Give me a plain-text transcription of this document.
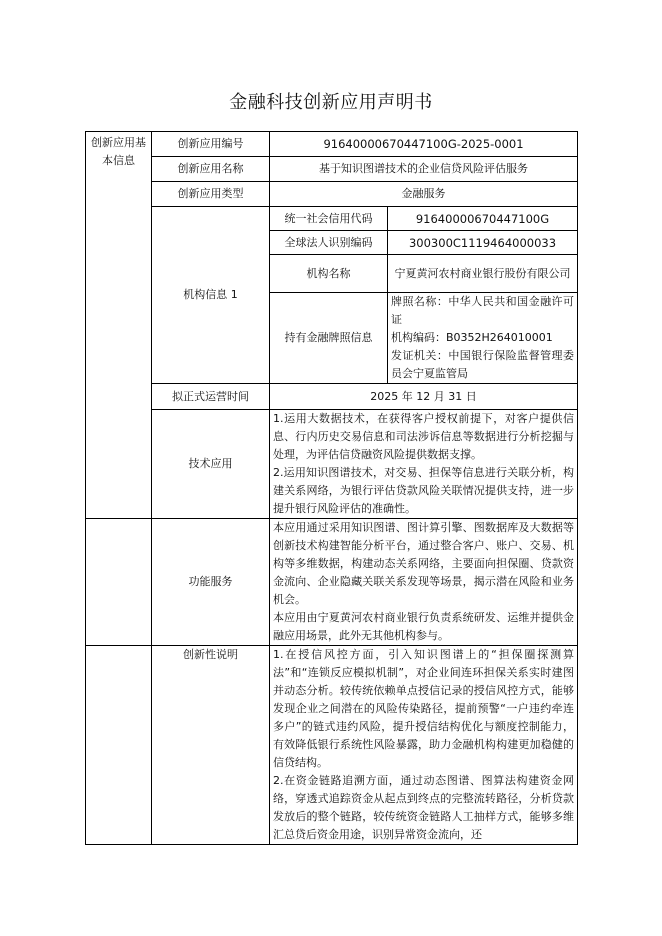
金融科技创新应用声明书
创新应用基本信息	创新应用编号	91640000670447100G-2025-0001	
	创新应用名称	基于知识图谱技术的企业信贷风险评估服务	
	创新应用类型	金融服务	
	机构信息 1	统一社会信用代码	91640000670447100G
		全球法人识别编码	300300C1119464000033
		机构名称	宁夏黄河农村商业银行股份有限公司
		持有金融牌照信息	牌照名称：中华人民共和国金融许可证
机构编码：B0352H264010001
发证机关：中国银行保险监督管理委员会宁夏监管局

	拟正式运营时间	2025 年 12 月 31 日	
	技术应用	1.运用大数据技术，在获得客户授权前提下，对客户提供信息、行内历史交易信息和司法涉诉信息等数据进行分析挖掘与处理，为评估信贷融资风险提供数据支撑。
2.运用知识图谱技术，对交易、担保等信息进行关联分析，构建关系网络，为银行评估贷款风险关联情况提供支持，进一步提升银行风险评估的准确性。	

	功能服务	本应用通过采用知识图谱、图计算引擎、图数据库及大数据等创新技术构建智能分析平台，通过整合客户、账户、交易、机构等多维数据，构建动态关系网络，主要面向担保圈、贷款资金流向、企业隐藏关联关系发现等场景，揭示潜在风险和业务机会。
本应用由宁夏黄河农村商业银行负责系统研发、运维并提供金融应用场景，此外无其他机构参与。	

	创新性说明	1.在授信风控方面，引入知识图谱上的“担保圈探测算法”和“连锁反应模拟机制”，对企业间连环担保关系实时建图并动态分析。较传统依赖单点授信记录的授信风控方式，能够发现企业之间潜在的风险传染路径，提前预警“一户违约牵连多户”的链式违约风险，提升授信结构优化与额度控制能力，有效降低银行系统性风险暴露，助力金融机构构建更加稳健的信贷结构。
2.在资金链路追溯方面，通过动态图谱、图算法构建资金网络，穿透式追踪资金从起点到终点的完整流转路径，分析贷款发放后的整个链路，较传统资金链路人工抽样方式，能够多维汇总贷后资金用途，识别异常资金流向，还	
